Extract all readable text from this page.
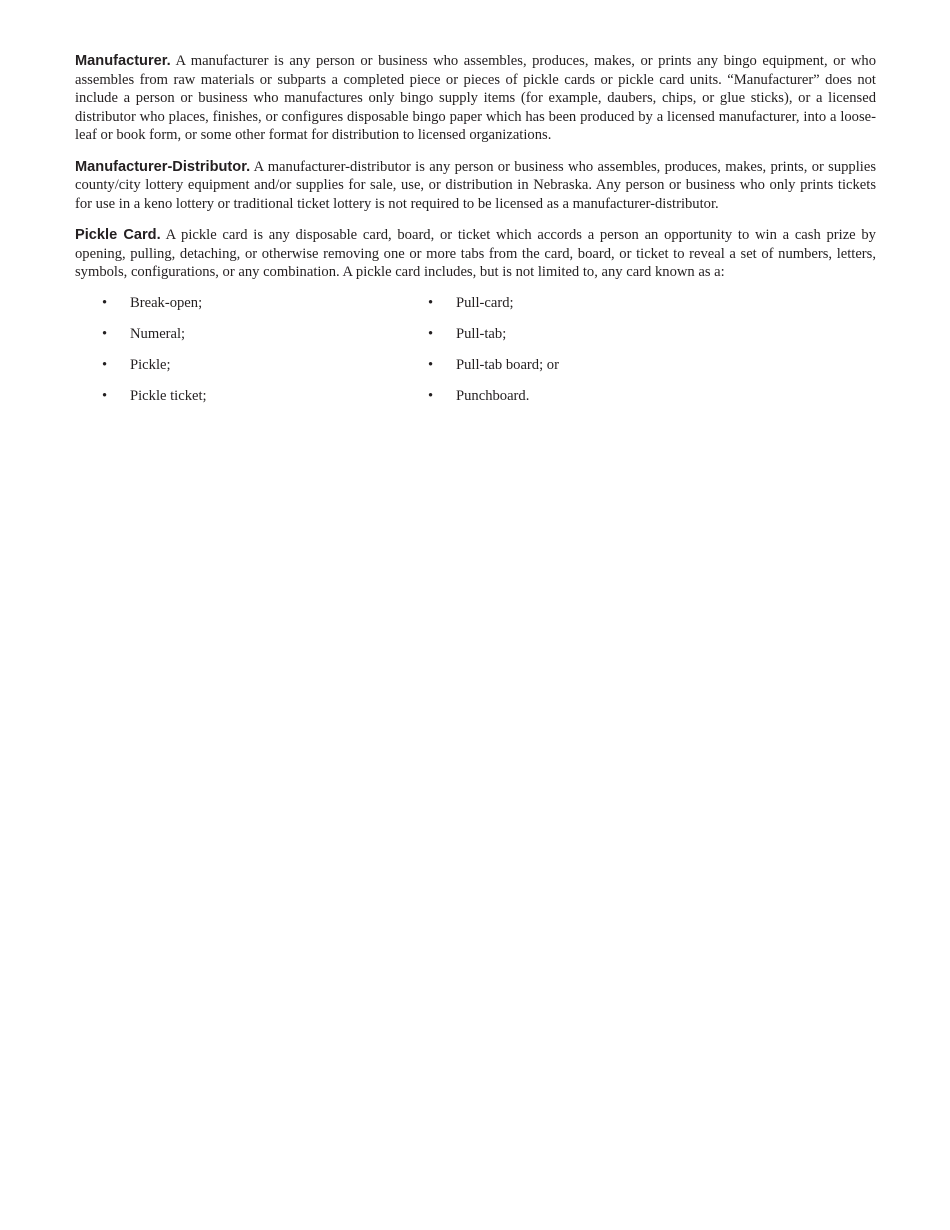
Manufacturer. A manufacturer is any person or business who assembles, produces, makes, or prints any bingo equipment, or who assembles from raw materials or subparts a completed piece or pieces of pickle cards or pickle card units. “Manufacturer” does not include a person or business who manufactures only bingo supply items (for example, daubers, chips, or glue sticks), or a licensed distributor who places, finishes, or configures disposable bingo paper which has been produced by a licensed manufacturer, into a loose-leaf or book form, or some other format for distribution to licensed organizations.

Manufacturer-Distributor. A manufacturer-distributor is any person or business who assembles, produces, makes, prints, or supplies county/city lottery equipment and/or supplies for sale, use, or distribution in Nebraska. Any person or business who only prints tickets for use in a keno lottery or traditional ticket lottery is not required to be licensed as a manufacturer-distributor.

Pickle Card. A pickle card is any disposable card, board, or ticket which accords a person an opportunity to win a cash prize by opening, pulling, detaching, or otherwise removing one or more tabs from the card, board, or ticket to reveal a set of numbers, letters, symbols, configurations, or any combination. A pickle card includes, but is not limited to, any card known as a:

• Break-open;
• Numeral;
• Pickle;
• Pickle ticket;
• Pull-card;
• Pull-tab;
• Pull-tab board; or
• Punchboard.
